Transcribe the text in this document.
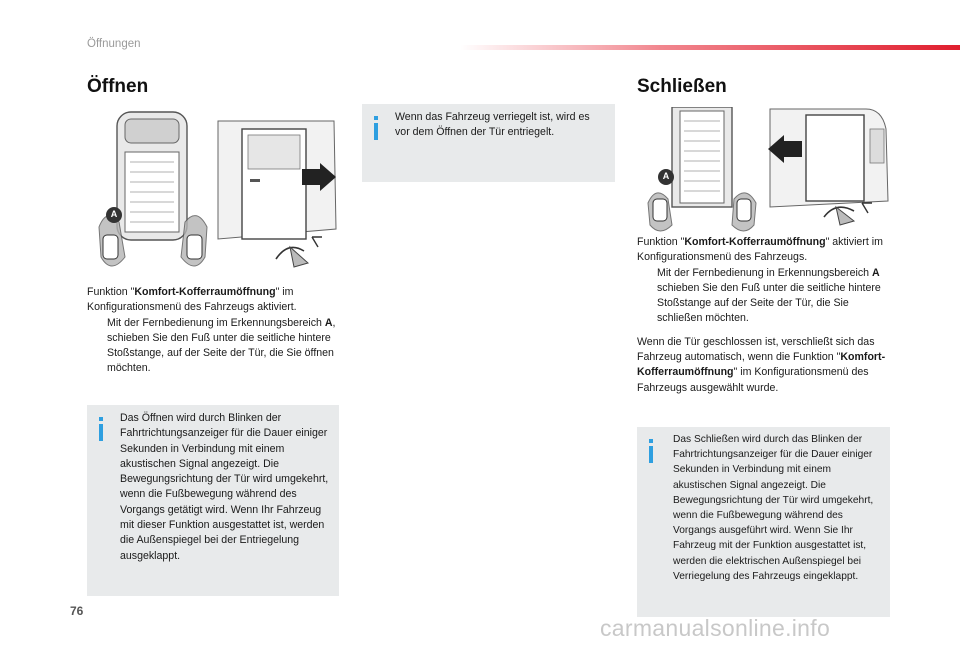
Öffnungen
Öffnen
A
Funktion "Komfort-Kofferraumöffnung" im Konfigurationsmenü des Fahrzeugs aktiviert.
Mit der Fernbedienung im Erkennungsbereich A, schieben Sie den Fuß unter die seitliche hintere Stoßstange, auf der Seite der Tür, die Sie öffnen möchten.

Das Öffnen wird durch Blinken der Fahrtrichtungsanzeiger für die Dauer einiger Sekunden in Verbindung mit einem akustischen Signal angezeigt. Die Bewegungsrichtung der Tür wird umgekehrt, wenn die Fußbewegung während des Vorgangs getätigt wird. Wenn Ihr Fahrzeug mit dieser Funktion ausgestattet ist, werden die Außenspiegel bei der Entriegelung ausgeklappt.

Wenn das Fahrzeug verriegelt ist, wird es vor dem Öffnen der Tür entriegelt.

Schließen
A
Funktion "Komfort-Kofferraumöffnung" aktiviert im Konfigurationsmenü des Fahrzeugs.
Mit der Fernbedienung in Erkennungsbereich A schieben Sie den Fuß unter die seitliche hintere Stoßstange auf der Seite der Tür, die Sie schließen möchten.
Wenn die Tür geschlossen ist, verschließt sich das Fahrzeug automatisch, wenn die Funktion "Komfort-Kofferraumöffnung" im Konfigurationsmenü des Fahrzeugs ausgewählt wurde.

Das Schließen wird durch das Blinken der Fahrtrichtungsanzeiger für die Dauer einiger Sekunden in Verbindung mit einem akustischen Signal angezeigt. Die Bewegungsrichtung der Tür wird umgekehrt, wenn die Fußbewegung während des Vorgangs ausgeführt wird. Wenn Sie Ihr Fahrzeug mit der Funktion ausgestattet ist, werden die elektrischen Außenspiegel bei Verriegelung des Fahrzeugs eingeklappt.

76
carmanualsonline.info
